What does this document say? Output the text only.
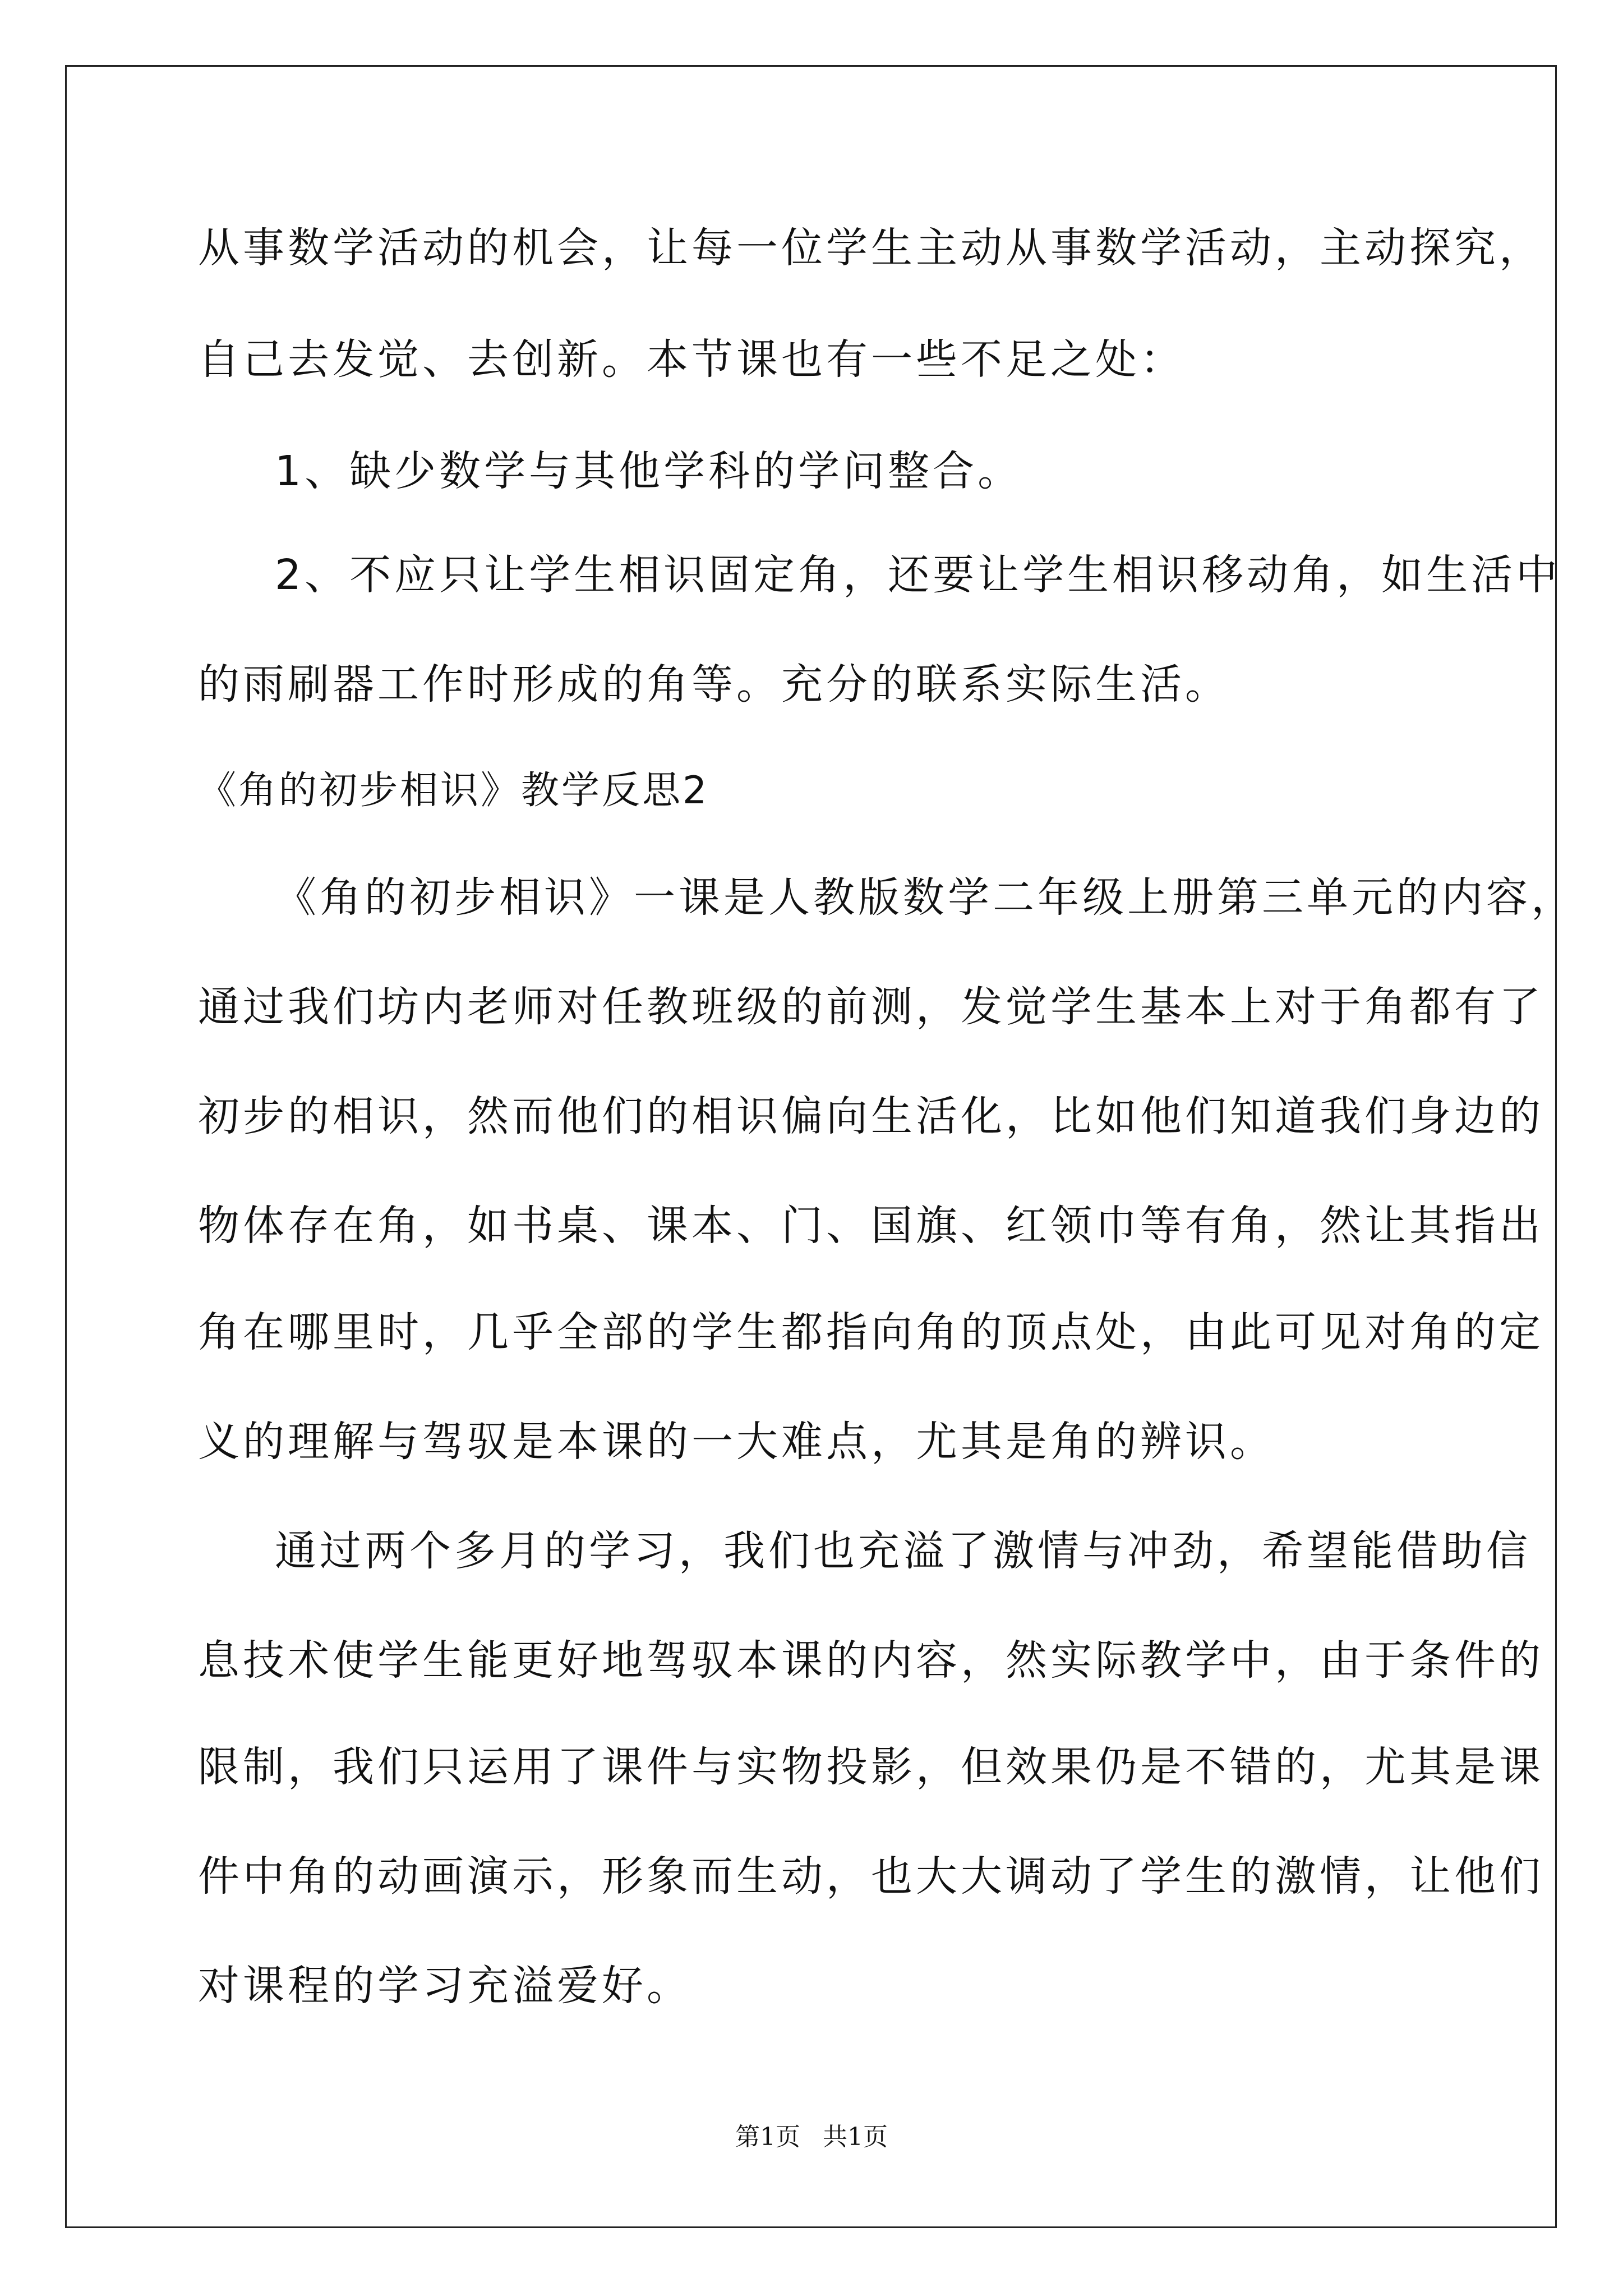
从事数学活动的机会，让每一位学生主动从事数学活动，主动探究，
自己去发觉、去创新。本节课也有一些不足之处：
1、缺少数学与其他学科的学问整合。
2、不应只让学生相识固定角，还要让学生相识移动角，如生活中
的雨刷器工作时形成的角等。充分的联系实际生活。
《角的初步相识》教学反思2
《角的初步相识》一课是人教版数学二年级上册第三单元的内容，
通过我们坊内老师对任教班级的前测，发觉学生基本上对于角都有了
初步的相识，然而他们的相识偏向生活化，比如他们知道我们身边的
物体存在角，如书桌、课本、门、国旗、红领巾等有角，然让其指出
角在哪里时，几乎全部的学生都指向角的顶点处，由此可见对角的定
义的理解与驾驭是本课的一大难点，尤其是角的辨识。
通过两个多月的学习，我们也充溢了激情与冲劲，希望能借助信
息技术使学生能更好地驾驭本课的内容，然实际教学中，由于条件的
限制，我们只运用了课件与实物投影，但效果仍是不错的，尤其是课
件中角的动画演示，形象而生动，也大大调动了学生的激情，让他们
对课程的学习充溢爱好。
第1页 共1页
